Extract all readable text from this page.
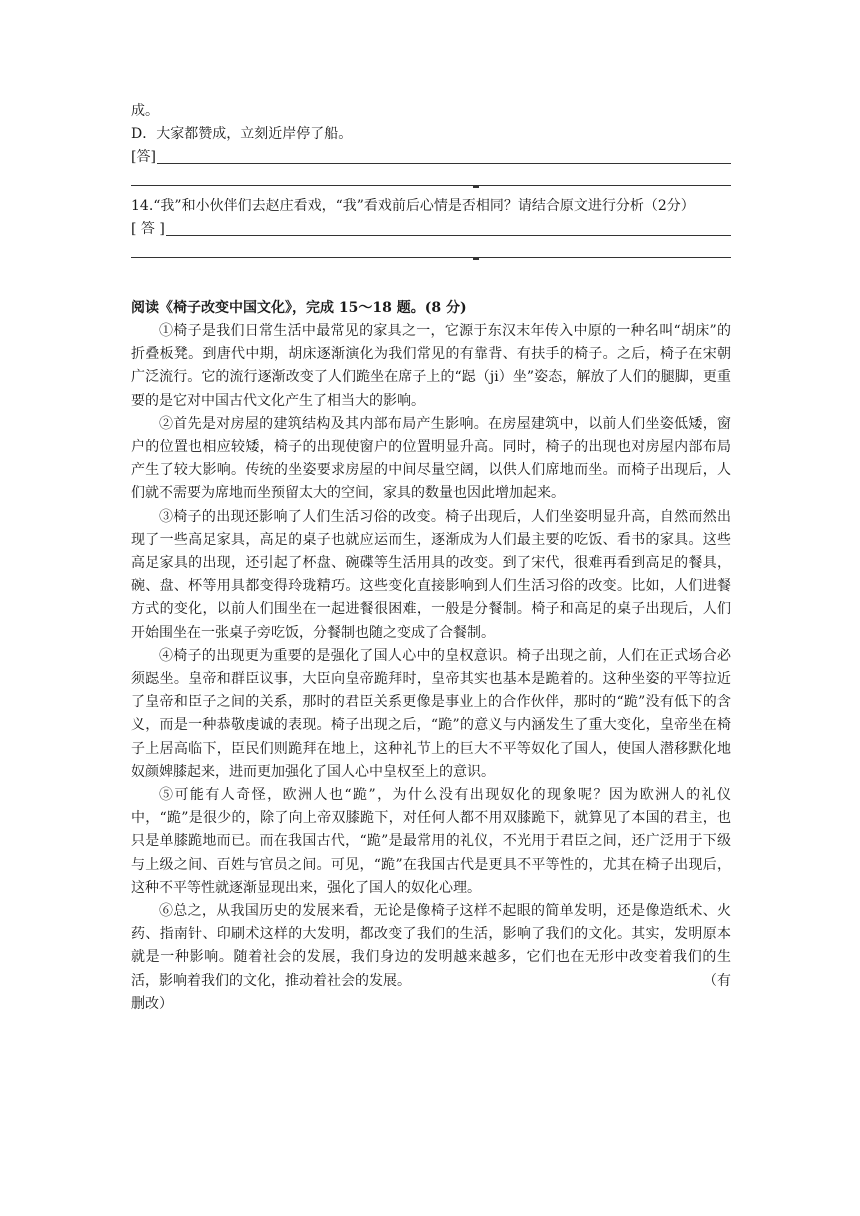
成。
D．大家都赞成，立刻近岸停了船。
[答]
14.“我”和小伙伴们去赵庄看戏，“我”看戏前后心情是否相同？请结合原文进行分析（2分）
[ 答 ]
阅读《椅子改变中国文化》，完成 15～18 题。(8 分)

①椅子是我们日常生活中最常见的家具之一，它源于东汉末年传入中原的一种名叫“胡床”的折叠板凳。到唐代中期，胡床逐渐演化为我们常见的有靠背、有扶手的椅子。之后，椅子在宋朝广泛流行。它的流行逐渐改变了人们跪坐在席子上的“跽（ji）坐”姿态，解放了人们的腿脚，更重要的是它对中国古代文化产生了相当大的影响。

②首先是对房屋的建筑结构及其内部布局产生影响。在房屋建筑中，以前人们坐姿低矮，窗户的位置也相应较矮，椅子的出现使窗户的位置明显升高。同时，椅子的出现也对房屋内部布局产生了较大影响。传统的坐姿要求房屋的中间尽量空阔，以供人们席地而坐。而椅子出现后，人们就不需要为席地而坐预留太大的空间，家具的数量也因此增加起来。

③椅子的出现还影响了人们生活习俗的改变。椅子出现后，人们坐姿明显升高，自然而然出现了一些高足家具，高足的桌子也就应运而生，逐渐成为人们最主要的吃饭、看书的家具。这些高足家具的出现，还引起了杯盘、碗碟等生活用具的改变。到了宋代，很难再看到高足的餐具，碗、盘、杯等用具都变得玲珑精巧。这些变化直接影响到人们生活习俗的改变。比如，人们进餐方式的变化，以前人们围坐在一起进餐很困难，一般是分餐制。椅子和高足的桌子出现后，人们开始围坐在一张桌子旁吃饭，分餐制也随之变成了合餐制。

④椅子的出现更为重要的是强化了国人心中的皇权意识。椅子出现之前，人们在正式场合必须跽坐。皇帝和群臣议事，大臣向皇帝跪拜时，皇帝其实也基本是跪着的。这种坐姿的平等拉近了皇帝和臣子之间的关系，那时的君臣关系更像是事业上的合作伙伴，那时的“跪”没有低下的含义，而是一种恭敬虔诚的表现。椅子出现之后，“跪”的意义与内涵发生了重大变化，皇帝坐在椅子上居高临下，臣民们则跪拜在地上，这种礼节上的巨大不平等奴化了国人，使国人潜移默化地奴颜婢膝起来，进而更加强化了国人心中皇权至上的意识。

⑤可能有人奇怪，欧洲人也“跪”，为什么没有出现奴化的现象呢？因为欧洲人的礼仪中，“跪”是很少的，除了向上帝双膝跪下，对任何人都不用双膝跪下，就算见了本国的君主，也只是单膝跪地而已。而在我国古代，“跪”是最常用的礼仪，不光用于君臣之间，还广泛用于下级与上级之间、百姓与官员之间。可见，“跪”在我国古代是更具不平等性的，尤其在椅子出现后，这种不平等性就逐渐显现出来，强化了国人的奴化心理。

⑥总之，从我国历史的发展来看，无论是像椅子这样不起眼的简单发明，还是像造纸术、火药、指南针、印刷术这样的大发明，都改变了我们的生活，影响了我们的文化。其实，发明原本就是一种影响。随着社会的发展，我们身边的发明越来越多，它们也在无形中改变着我们的生活，影响着我们的文化，推动着社会的发展。	（有

删改）
